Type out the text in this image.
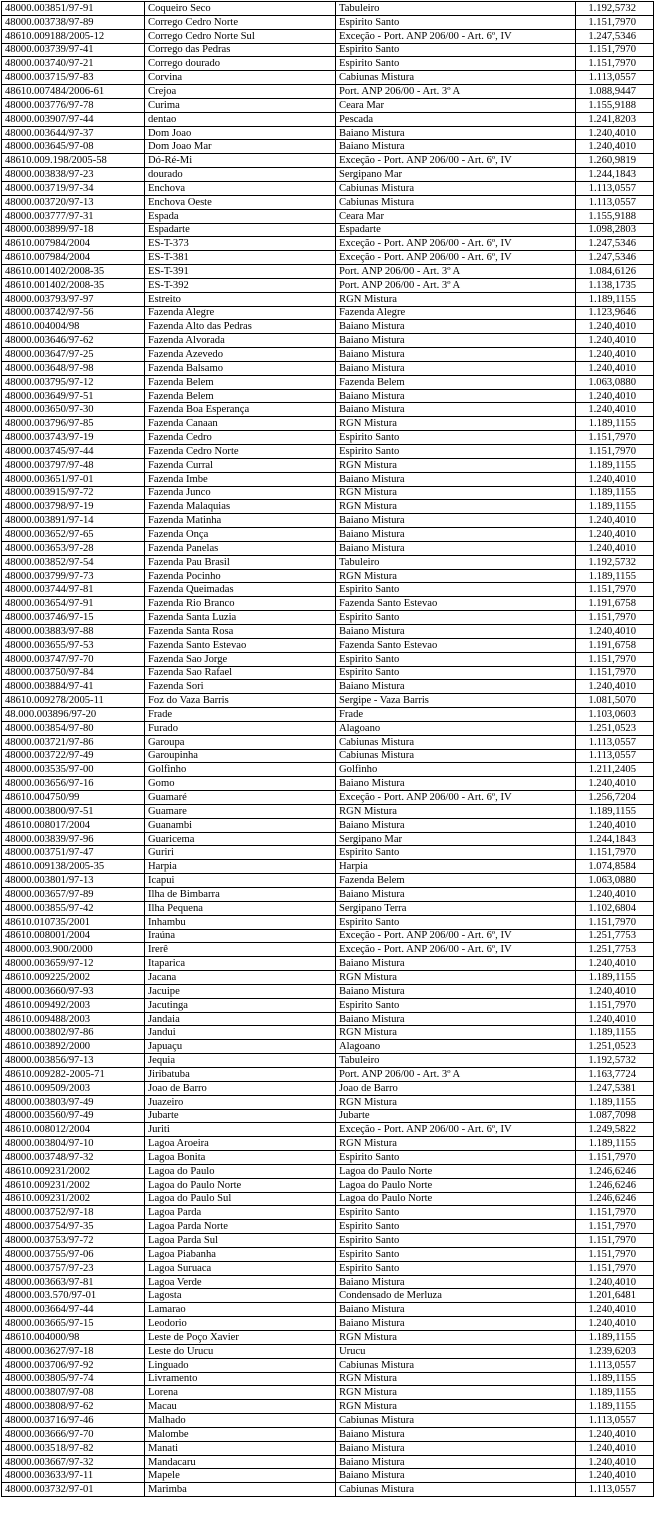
48000.003851/97-91	Coqueiro Seco	Tabuleiro	1.192,5732
48000.003738/97-89	Corrego Cedro Norte	Espirito Santo	1.151,7970
48610.009188/2005-12	Corrego Cedro Norte Sul	Exceção - Port. ANP 206/00 - Art. 6º, IV	1.247,5346
48000.003739/97-41	Corrego das Pedras	Espirito Santo	1.151,7970
48000.003740/97-21	Corrego dourado	Espirito Santo	1.151,7970
48000.003715/97-83	Corvina	Cabiunas Mistura	1.113,0557
48610.007484/2006-61	Crejoa	Port. ANP 206/00 - Art. 3º A	1.088,9447
48000.003776/97-78	Curima	Ceara Mar	1.155,9188
48000.003907/97-44	dentao	Pescada	1.241,8203
48000.003644/97-37	Dom Joao	Baiano Mistura	1.240,4010
48000.003645/97-08	Dom Joao Mar	Baiano Mistura	1.240,4010
48610.009.198/2005-58	Dó-Ré-Mi	Exceção - Port. ANP 206/00 - Art. 6º, IV	1.260,9819
48000.003838/97-23	dourado	Sergipano Mar	1.244,1843
48000.003719/97-34	Enchova	Cabiunas Mistura	1.113,0557
48000.003720/97-13	Enchova Oeste	Cabiunas Mistura	1.113,0557
48000.003777/97-31	Espada	Ceara Mar	1.155,9188
48000.003899/97-18	Espadarte	Espadarte	1.098,2803
48610.007984/2004	ES-T-373	Exceção - Port. ANP 206/00 - Art. 6º, IV	1.247,5346
48610.007984/2004	ES-T-381	Exceção - Port. ANP 206/00 - Art. 6º, IV	1.247,5346
48610.001402/2008-35	ES-T-391	Port. ANP 206/00 - Art. 3º A	1.084,6126
48610.001402/2008-35	ES-T-392	Port. ANP 206/00 - Art. 3º A	1.138,1735
48000.003793/97-97	Estreito	RGN Mistura	1.189,1155
48000.003742/97-56	Fazenda Alegre	Fazenda Alegre	1.123,9646
48610.004004/98	Fazenda Alto das Pedras	Baiano Mistura	1.240,4010
48000.003646/97-62	Fazenda Alvorada	Baiano Mistura	1.240,4010
48000.003647/97-25	Fazenda Azevedo	Baiano Mistura	1.240,4010
48000.003648/97-98	Fazenda Balsamo	Baiano Mistura	1.240,4010
48000.003795/97-12	Fazenda Belem	Fazenda Belem	1.063,0880
48000.003649/97-51	Fazenda Belem	Baiano Mistura	1.240,4010
48000.003650/97-30	Fazenda Boa Esperança	Baiano Mistura	1.240,4010
48000.003796/97-85	Fazenda Canaan	RGN Mistura	1.189,1155
48000.003743/97-19	Fazenda Cedro	Espirito Santo	1.151,7970
48000.003745/97-44	Fazenda Cedro Norte	Espirito Santo	1.151,7970
48000.003797/97-48	Fazenda Curral	RGN Mistura	1.189,1155
48000.003651/97-01	Fazenda Imbe	Baiano Mistura	1.240,4010
48000.003915/97-72	Fazenda Junco	RGN Mistura	1.189,1155
48000.003798/97-19	Fazenda Malaquias	RGN Mistura	1.189,1155
48000.003891/97-14	Fazenda Matinha	Baiano Mistura	1.240,4010
48000.003652/97-65	Fazenda Onça	Baiano Mistura	1.240,4010
48000.003653/97-28	Fazenda Panelas	Baiano Mistura	1.240,4010
48000.003852/97-54	Fazenda Pau Brasil	Tabuleiro	1.192,5732
48000.003799/97-73	Fazenda Pocinho	RGN Mistura	1.189,1155
48000.003744/97-81	Fazenda Queimadas	Espirito Santo	1.151,7970
48000.003654/97-91	Fazenda Rio Branco	Fazenda Santo Estevao	1.191,6758
48000.003746/97-15	Fazenda Santa Luzia	Espirito Santo	1.151,7970
48000.003883/97-88	Fazenda Santa Rosa	Baiano Mistura	1.240,4010
48000.003655/97-53	Fazenda Santo Estevao	Fazenda Santo Estevao	1.191,6758
48000.003747/97-70	Fazenda Sao Jorge	Espirito Santo	1.151,7970
48000.003750/97-84	Fazenda Sao Rafael	Espirito Santo	1.151,7970
48000.003884/97-41	Fazenda Sori	Baiano Mistura	1.240,4010
48610.009278/2005-11	Foz do Vaza Barris	Sergipe - Vaza Barris	1.081,5070
48.000.003896/97-20	Frade	Frade	1.103,0603
48000.003854/97-80	Furado	Alagoano	1.251,0523
48000.003721/97-86	Garoupa	Cabiunas Mistura	1.113,0557
48000.003722/97-49	Garoupinha	Cabiunas Mistura	1.113,0557
48000.003535/97-00	Golfinho	Golfinho	1.211,2405
48000.003656/97-16	Gomo	Baiano Mistura	1.240,4010
48610.004750/99	Guamaré	Exceção - Port. ANP 206/00 - Art. 6º, IV	1.256,7204
48000.003800/97-51	Guamare	RGN Mistura	1.189,1155
48610.008017/2004	Guanambi	Baiano Mistura	1.240,4010
48000.003839/97-96	Guaricema	Sergipano Mar	1.244,1843
48000.003751/97-47	Guriri	Espirito Santo	1.151,7970
48610.009138/2005-35	Harpia	Harpia	1.074,8584
48000.003801/97-13	Icapui	Fazenda Belem	1.063,0880
48000.003657/97-89	Ilha de Bimbarra	Baiano Mistura	1.240,4010
48000.003855/97-42	Ilha Pequena	Sergipano Terra	1.102,6804
48610.010735/2001	Inhambu	Espirito Santo	1.151,7970
48610.008001/2004	Iraúna	Exceção - Port. ANP 206/00 - Art. 6º, IV	1.251,7753
48000.003.900/2000	Irerê	Exceção - Port. ANP 206/00 - Art. 6º, IV	1.251,7753
48000.003659/97-12	Itaparica	Baiano Mistura	1.240,4010
48610.009225/2002	Jacana	RGN Mistura	1.189,1155
48000.003660/97-93	Jacuipe	Baiano Mistura	1.240,4010
48610.009492/2003	Jacutinga	Espirito Santo	1.151,7970
48610.009488/2003	Jandaia	Baiano Mistura	1.240,4010
48000.003802/97-86	Jandui	RGN Mistura	1.189,1155
48610.003892/2000	Japuaçu	Alagoano	1.251,0523
48000.003856/97-13	Jequia	Tabuleiro	1.192,5732
48610.009282-2005-71	Jiribatuba	Port. ANP 206/00 - Art. 3º A	1.163,7724
48610.009509/2003	Joao de Barro	Joao de Barro	1.247,5381
48000.003803/97-49	Juazeiro	RGN Mistura	1.189,1155
48000.003560/97-49	Jubarte	Jubarte	1.087,7098
48610.008012/2004	Juriti	Exceção - Port. ANP 206/00 - Art. 6º, IV	1.249,5822
48000.003804/97-10	Lagoa Aroeira	RGN Mistura	1.189,1155
48000.003748/97-32	Lagoa Bonita	Espirito Santo	1.151,7970
48610.009231/2002	Lagoa do Paulo	Lagoa do Paulo Norte	1.246,6246
48610.009231/2002	Lagoa do Paulo Norte	Lagoa do Paulo Norte	1.246,6246
48610.009231/2002	Lagoa do Paulo Sul	Lagoa do Paulo Norte	1.246,6246
48000.003752/97-18	Lagoa Parda	Espirito Santo	1.151,7970
48000.003754/97-35	Lagoa Parda Norte	Espirito Santo	1.151,7970
48000.003753/97-72	Lagoa Parda Sul	Espirito Santo	1.151,7970
48000.003755/97-06	Lagoa Piabanha	Espirito Santo	1.151,7970
48000.003757/97-23	Lagoa Suruaca	Espirito Santo	1.151,7970
48000.003663/97-81	Lagoa Verde	Baiano Mistura	1.240,4010
48000.003.570/97-01	Lagosta	Condensado de Merluza	1.201,6481
48000.003664/97-44	Lamarao	Baiano Mistura	1.240,4010
48000.003665/97-15	Leodorio	Baiano Mistura	1.240,4010
48610.004000/98	Leste de Poço Xavier	RGN Mistura	1.189,1155
48000.003627/97-18	Leste do Urucu	Urucu	1.239,6203
48000.003706/97-92	Linguado	Cabiunas Mistura	1.113,0557
48000.003805/97-74	Livramento	RGN Mistura	1.189,1155
48000.003807/97-08	Lorena	RGN Mistura	1.189,1155
48000.003808/97-62	Macau	RGN Mistura	1.189,1155
48000.003716/97-46	Malhado	Cabiunas Mistura	1.113,0557
48000.003666/97-70	Malombe	Baiano Mistura	1.240,4010
48000.003518/97-82	Manati	Baiano Mistura	1.240,4010
48000.003667/97-32	Mandacaru	Baiano Mistura	1.240,4010
48000.003633/97-11	Mapele	Baiano Mistura	1.240,4010
48000.003732/97-01	Marimba	Cabiunas Mistura	1.113,0557
